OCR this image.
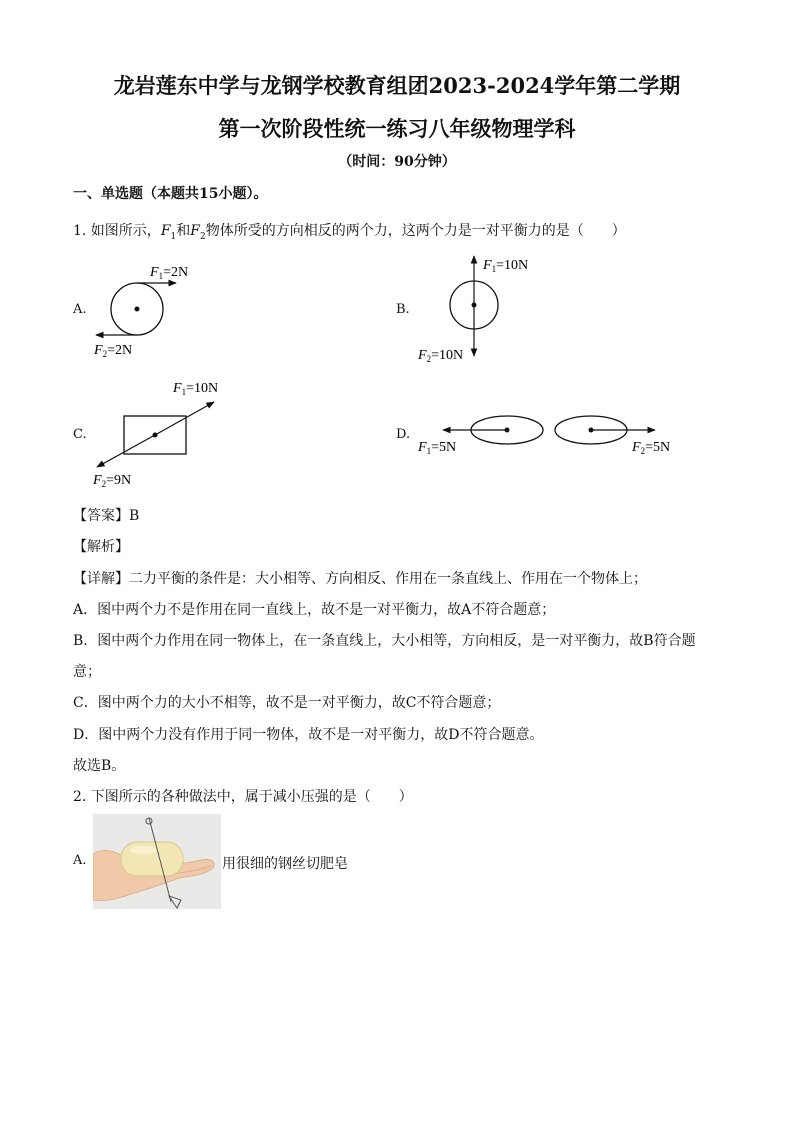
龙岩莲东中学与龙钢学校教育组团2023-2024学年第二学期
第一次阶段性统一练习八年级物理学科
（时间：90分钟）
一、单选题（本题共15小题）。
1. 如图所示，$F_1$和$F_2$物体所受的方向相反的两个力，这两个力是一对平衡力的是（　　）
A.	B.
C.	D.
$F_1=2N$
$F_2=2N$
$F_1=10N$
$F_2=10N$
$F_1=10N$
$F_2=9N$
$F_1=5N$	$F_2=5N$
【答案】B
【解析】
【详解】二力平衡的条件是：大小相等、方向相反、作用在一条直线上、作用在一个物体上；
A．图中两个力不是作用在同一直线上，故不是一对平衡力，故A不符合题意；
B．图中两个力作用在同一物体上，在一条直线上，大小相等，方向相反，是一对平衡力，故B符合题
意；
C．图中两个力的大小不相等，故不是一对平衡力，故C不符合题意；
D．图中两个力没有作用于同一物体，故不是一对平衡力，故D不符合题意。
故选B。
2. 下图所示的各种做法中，属于减小压强的是（　　）
A.	用很细的钢丝切肥皂
